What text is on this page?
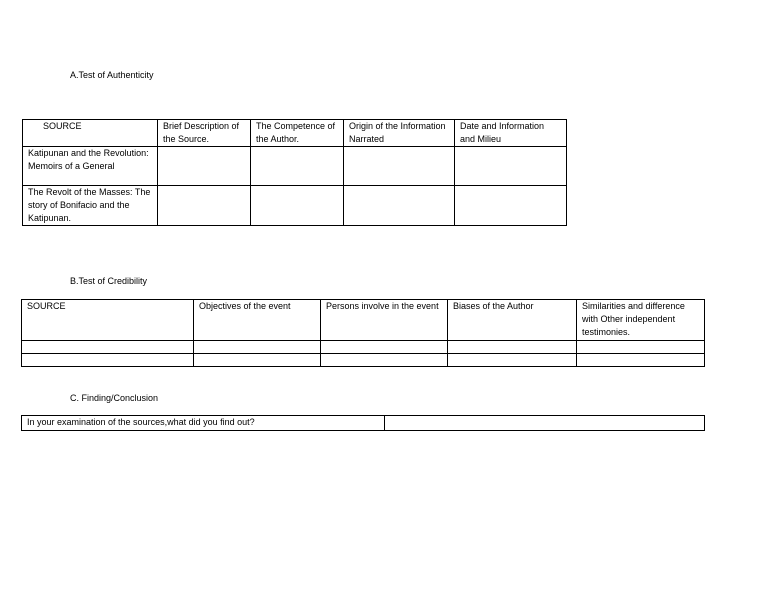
A.Test of Authenticity
SOURCE	Brief Description of the Source.	The Competence of the Author.	Origin of the Information Narrated	Date and Information and Milieu
Katipunan and the Revolution: Memoirs of a General				
The Revolt of the Masses: The story of Bonifacio and the Katipunan.				
B.Test of Credibility
SOURCE	Objectives of the event	Persons involve in the event	Biases of the Author	Similarities and difference with Other independent testimonies.

C. Finding/Conclusion
In your examination of the sources,what did you find out?	
